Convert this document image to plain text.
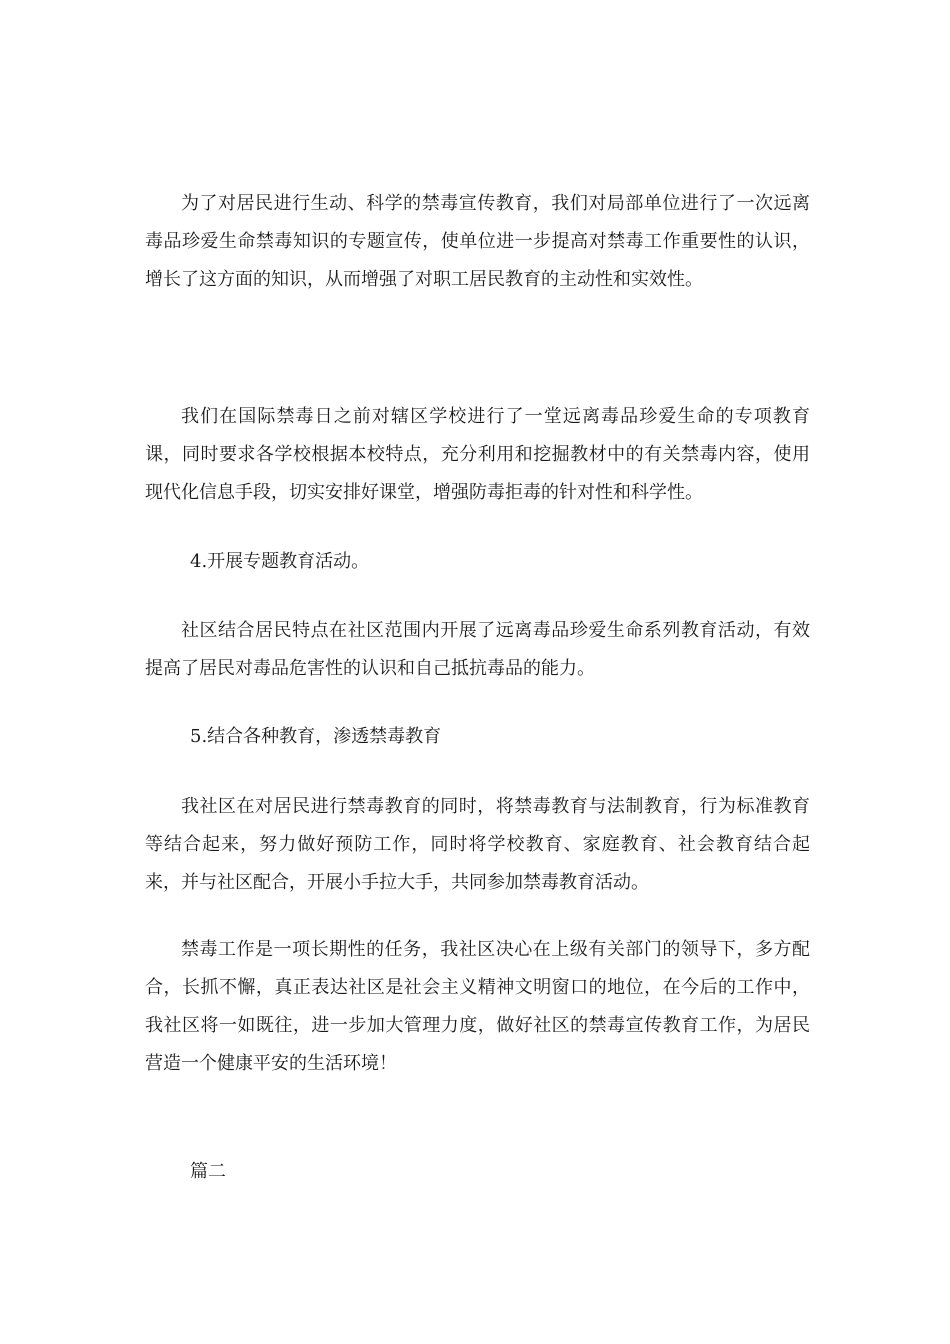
为了对居民进行生动、科学的禁毒宣传教育，我们对局部单位进行了一次远离毒品珍爱生命禁毒知识的专题宣传，使单位进一步提高对禁毒工作重要性的认识，增长了这方面的知识，从而增强了对职工居民教育的主动性和实效性。

我们在国际禁毒日之前对辖区学校进行了一堂远离毒品珍爱生命的专项教育课，同时要求各学校根据本校特点，充分利用和挖掘教材中的有关禁毒内容，使用现代化信息手段，切实安排好课堂，增强防毒拒毒的针对性和科学性。

4.开展专题教育活动。

社区结合居民特点在社区范围内开展了远离毒品珍爱生命系列教育活动，有效提高了居民对毒品危害性的认识和自己抵抗毒品的能力。

5.结合各种教育，渗透禁毒教育

我社区在对居民进行禁毒教育的同时，将禁毒教育与法制教育，行为标准教育等结合起来，努力做好预防工作，同时将学校教育、家庭教育、社会教育结合起来，并与社区配合，开展小手拉大手，共同参加禁毒教育活动。

禁毒工作是一项长期性的任务，我社区决心在上级有关部门的领导下，多方配合，长抓不懈，真正表达社区是社会主义精神文明窗口的地位，在今后的工作中，我社区将一如既往，进一步加大管理力度，做好社区的禁毒宣传教育工作，为居民营造一个健康平安的生活环境！

篇二
